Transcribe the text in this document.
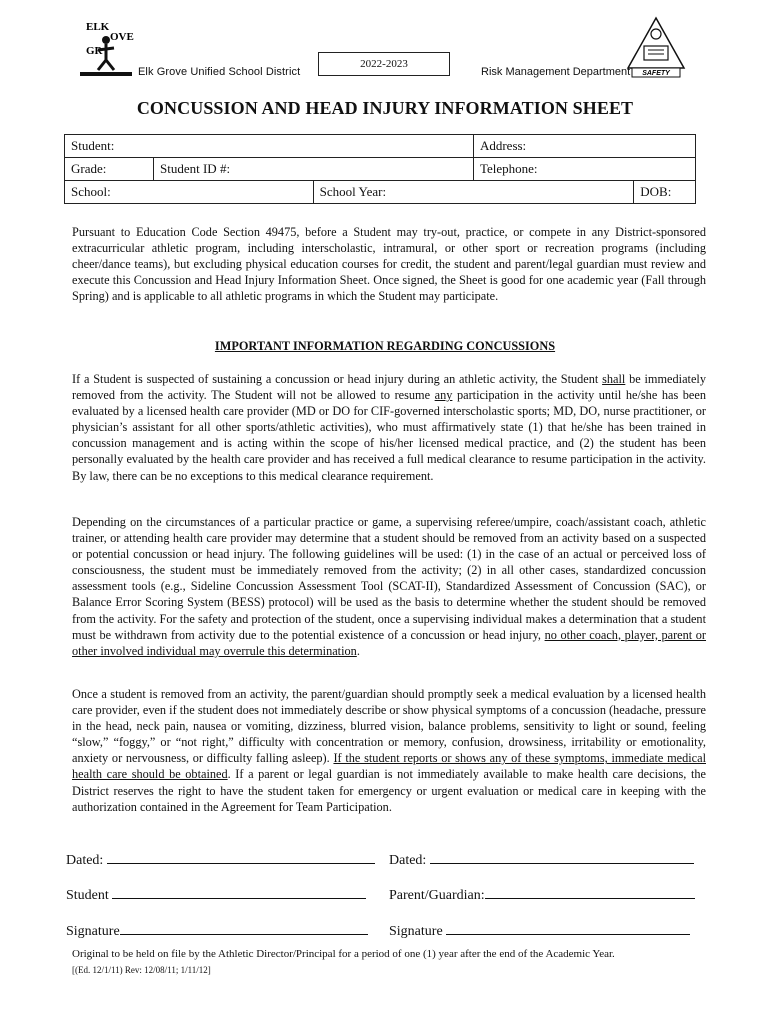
ELK
GR
OVE
Elk Grove Unified School District
2022-2023
Risk Management Department SAFETY
CONCUSSION AND HEAD INJURY INFORMATION SHEET
Student:			Address:	
Grade:	Student ID #:		Telephone:	
School:		School Year:		DOB:
Pursuant to Education Code Section 49475, before a Student may try-out, practice, or compete in any District-sponsored extracurricular athletic program, including interscholastic, intramural, or other sport or recreation programs (including cheer/dance teams), but excluding physical education courses for credit, the student and parent/legal guardian must review and execute this Concussion and Head Injury Information Sheet. Once signed, the Sheet is good for one academic year (Fall through Spring) and is applicable to all athletic programs in which the Student may participate.
IMPORTANT INFORMATION REGARDING CONCUSSIONS
If a Student is suspected of sustaining a concussion or head injury during an athletic activity, the Student shall be immediately removed from the activity. The Student will not be allowed to resume any participation in the activity until he/she has been evaluated by a licensed health care provider (MD or DO for CIF-governed interscholastic sports; MD, DO, nurse practitioner, or physician’s assistant for all other sports/athletic activities), who must affirmatively state (1) that he/she has been trained in concussion management and is acting within the scope of his/her licensed medical practice, and (2) the student has been personally evaluated by the health care provider and has received a full medical clearance to resume participation in the activity. By law, there can be no exceptions to this medical clearance requirement.
Depending on the circumstances of a particular practice or game, a supervising referee/umpire, coach/assistant coach, athletic trainer, or attending health care provider may determine that a student should be removed from an activity based on a suspected or potential concussion or head injury. The following guidelines will be used: (1) in the case of an actual or perceived loss of consciousness, the student must be immediately removed from the activity; (2) in all other cases, standardized concussion assessment tools (e.g., Sideline Concussion Assessment Tool (SCAT-II), Standardized Assessment of Concussion (SAC), or Balance Error Scoring System (BESS) protocol) will be used as the basis to determine whether the student should be removed from the activity. For the safety and protection of the student, once a supervising individual makes a determination that a student must be withdrawn from activity due to the potential existence of a concussion or head injury, no other coach, player, parent or other involved individual may overrule this determination.
Once a student is removed from an activity, the parent/guardian should promptly seek a medical evaluation by a licensed health care provider, even if the student does not immediately describe or show physical symptoms of a concussion (headache, pressure in the head, neck pain, nausea or vomiting, dizziness, blurred vision, balance problems, sensitivity to light or sound, feeling “slow,” “foggy,” or “not right,” difficulty with concentration or memory, confusion, drowsiness, irritability or emotionality, anxiety or nervousness, or difficulty falling asleep). If the student reports or shows any of these symptoms, immediate medical health care should be obtained. If a parent or legal guardian is not immediately available to make health care decisions, the District reserves the right to have the student taken for emergency or urgent evaluation or medical care in keeping with the authorization contained in the Agreement for Team Participation.
Dated:	Dated:
Student	Parent/Guardian:
Signature	Signature
Original to be held on file by the Athletic Director/Principal for a period of one (1) year after the end of the Academic Year.
[(Ed. 12/1/11) Rev: 12/08/11; 1/11/12]
